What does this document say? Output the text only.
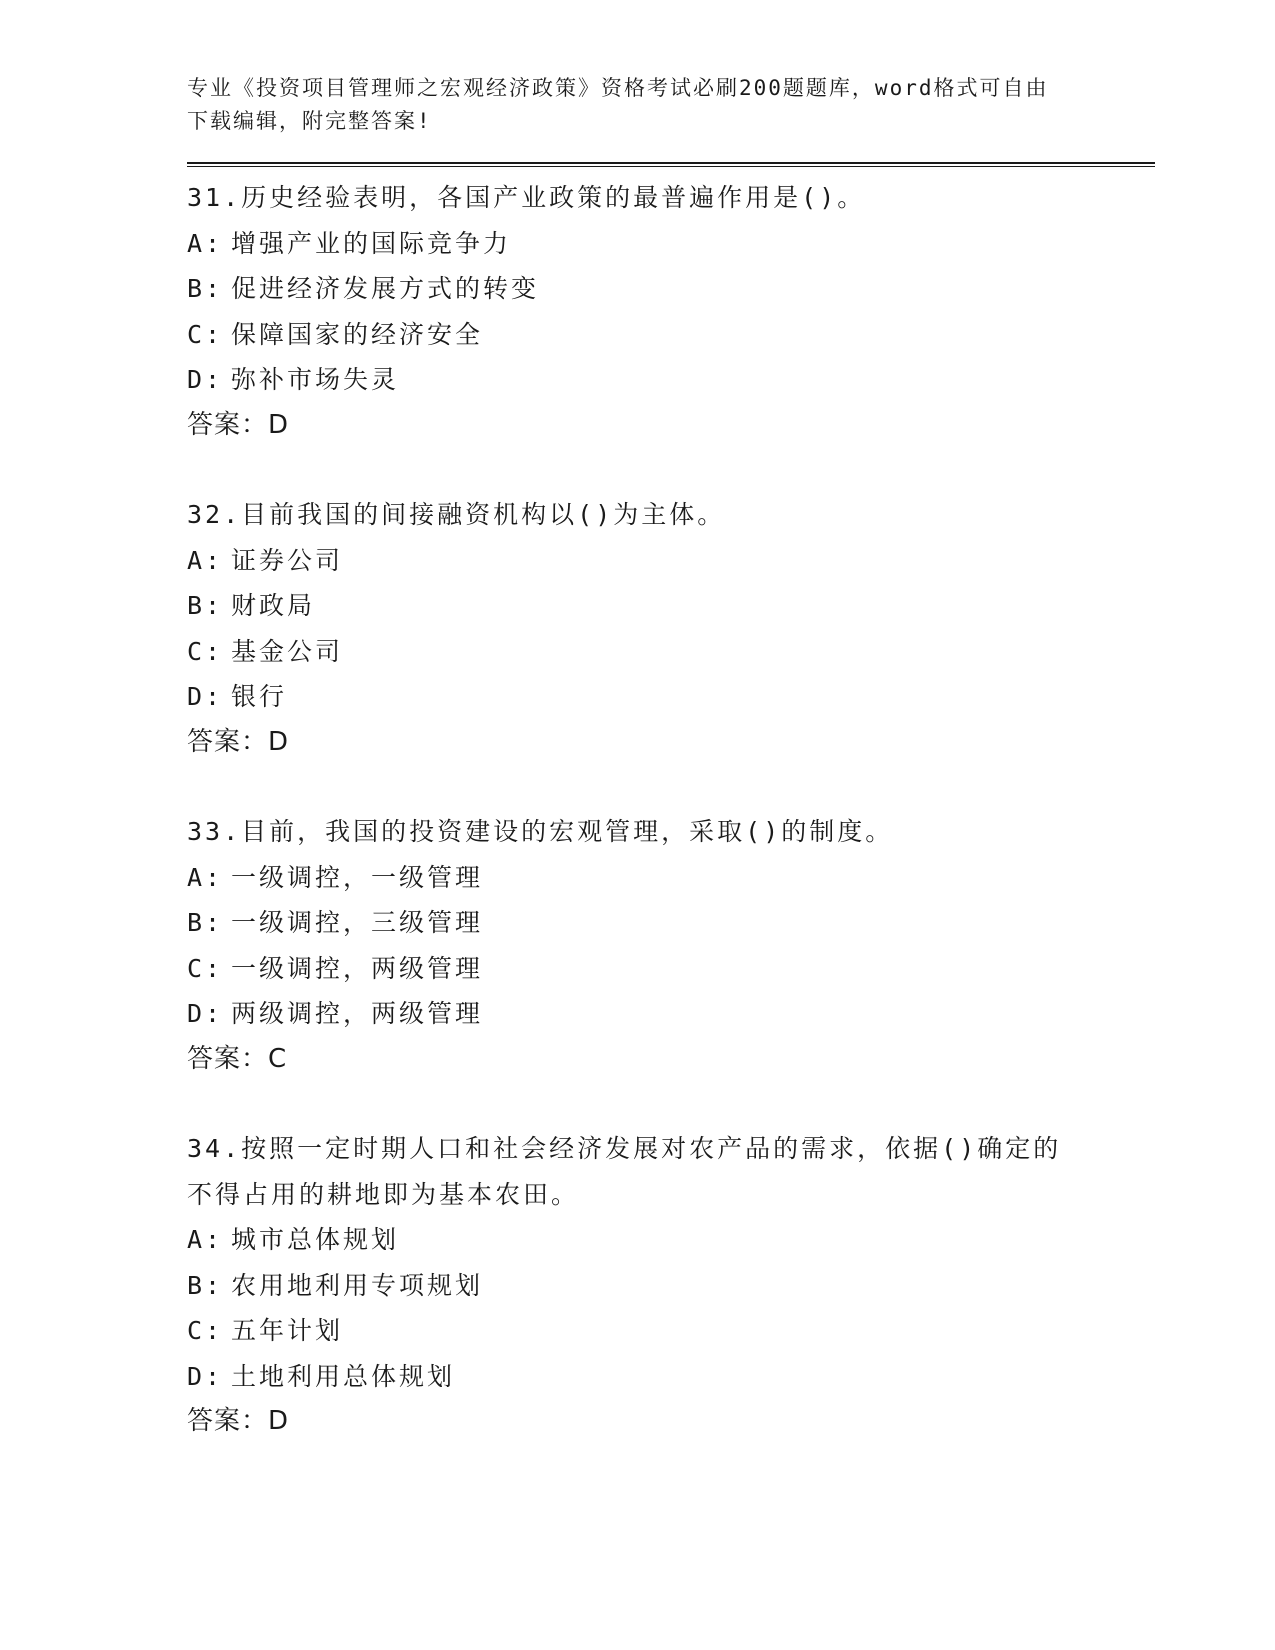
专业《投资项目管理师之宏观经济政策》资格考试必刷200题题库，word格式可自由下载编辑，附完整答案!

31.历史经验表明，各国产业政策的最普遍作用是()。

A: 增强产业的国际竞争力

B: 促进经济发展方式的转变

C: 保障国家的经济安全

D: 弥补市场失灵

答案：D

32.目前我国的间接融资机构以()为主体。

A: 证券公司

B: 财政局

C: 基金公司

D: 银行

答案：D

33.目前，我国的投资建设的宏观管理，采取()的制度。

A: 一级调控，一级管理

B: 一级调控，三级管理

C: 一级调控，两级管理

D: 两级调控，两级管理

答案：C

34.按照一定时期人口和社会经济发展对农产品的需求，依据()确定的不得占用的耕地即为基本农田。

A: 城市总体规划

B: 农用地利用专项规划

C: 五年计划

D: 土地利用总体规划

答案：D
